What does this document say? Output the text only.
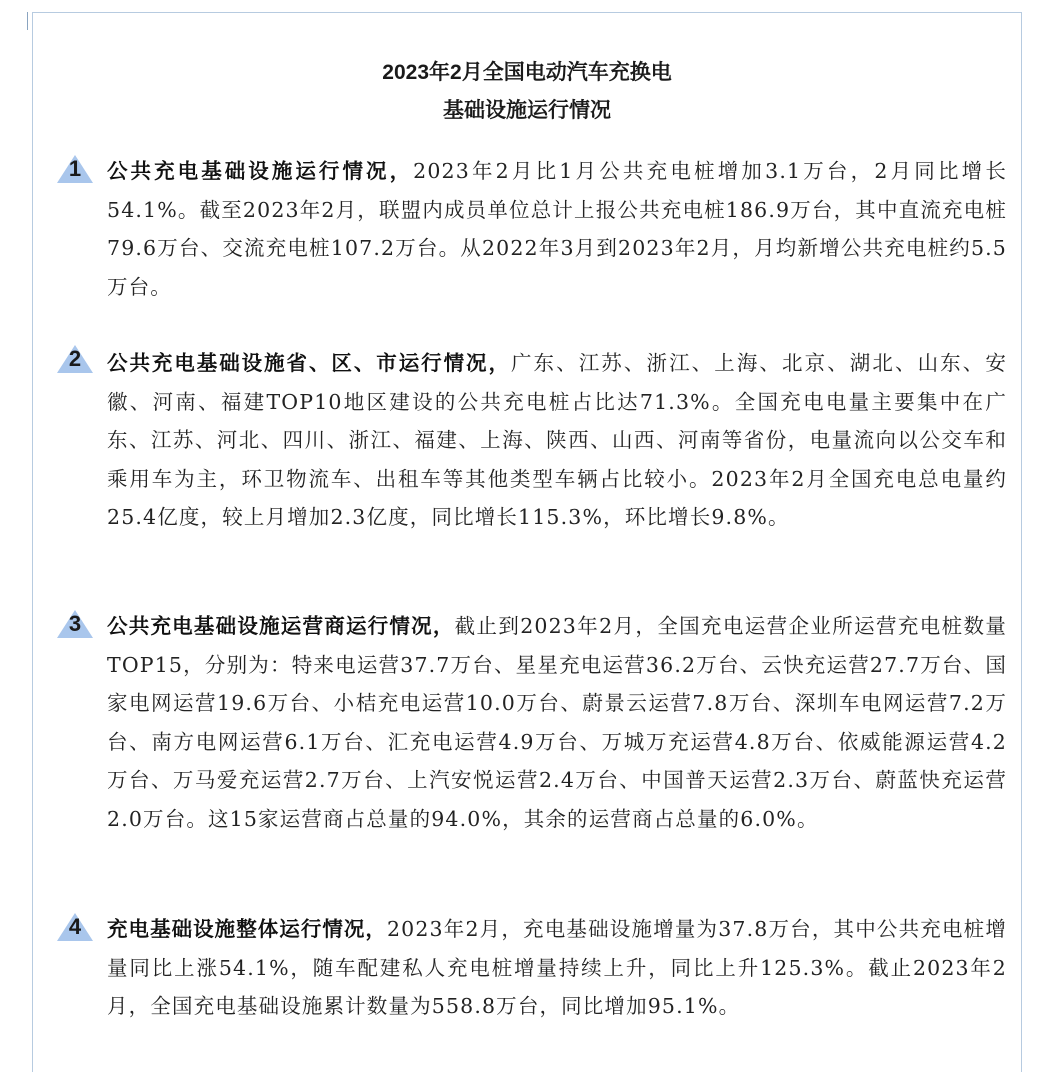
2023年2月全国电动汽车充换电
基础设施运行情况
1	公共充电基础设施运行情况，2023年2月比1月公共充电桩增加3.1万台，2月同比增长54.1%。截至2023年2月，联盟内成员单位总计上报公共充电桩186.9万台，其中直流充电桩79.6万台、交流充电桩107.2万台。从2022年3月到2023年2月，月均新增公共充电桩约5.5万台。

2	公共充电基础设施省、区、市运行情况，广东、江苏、浙江、上海、北京、湖北、山东、安徽、河南、福建TOP10地区建设的公共充电桩占比达71.3%。全国充电电量主要集中在广东、江苏、河北、四川、浙江、福建、上海、陕西、山西、河南等省份，电量流向以公交车和乘用车为主，环卫物流车、出租车等其他类型车辆占比较小。2023年2月全国充电总电量约25.4亿度，较上月增加2.3亿度，同比增长115.3%，环比增长9.8%。

3	公共充电基础设施运营商运行情况，截止到2023年2月，全国充电运营企业所运营充电桩数量TOP15，分别为：特来电运营37.7万台、星星充电运营36.2万台、云快充运营27.7万台、国家电网运营19.6万台、小桔充电运营10.0万台、蔚景云运营7.8万台、深圳车电网运营7.2万台、南方电网运营6.1万台、汇充电运营4.9万台、万城万充运营4.8万台、依威能源运营4.2万台、万马爱充运营2.7万台、上汽安悦运营2.4万台、中国普天运营2.3万台、蔚蓝快充运营2.0万台。这15家运营商占总量的94.0%，其余的运营商占总量的6.0%。

4	充电基础设施整体运行情况，2023年2月，充电基础设施增量为37.8万台，其中公共充电桩增量同比上涨54.1%，随车配建私人充电桩增量持续上升，同比上升125.3%。截止2023年2月，全国充电基础设施累计数量为558.8万台，同比增加95.1%。
